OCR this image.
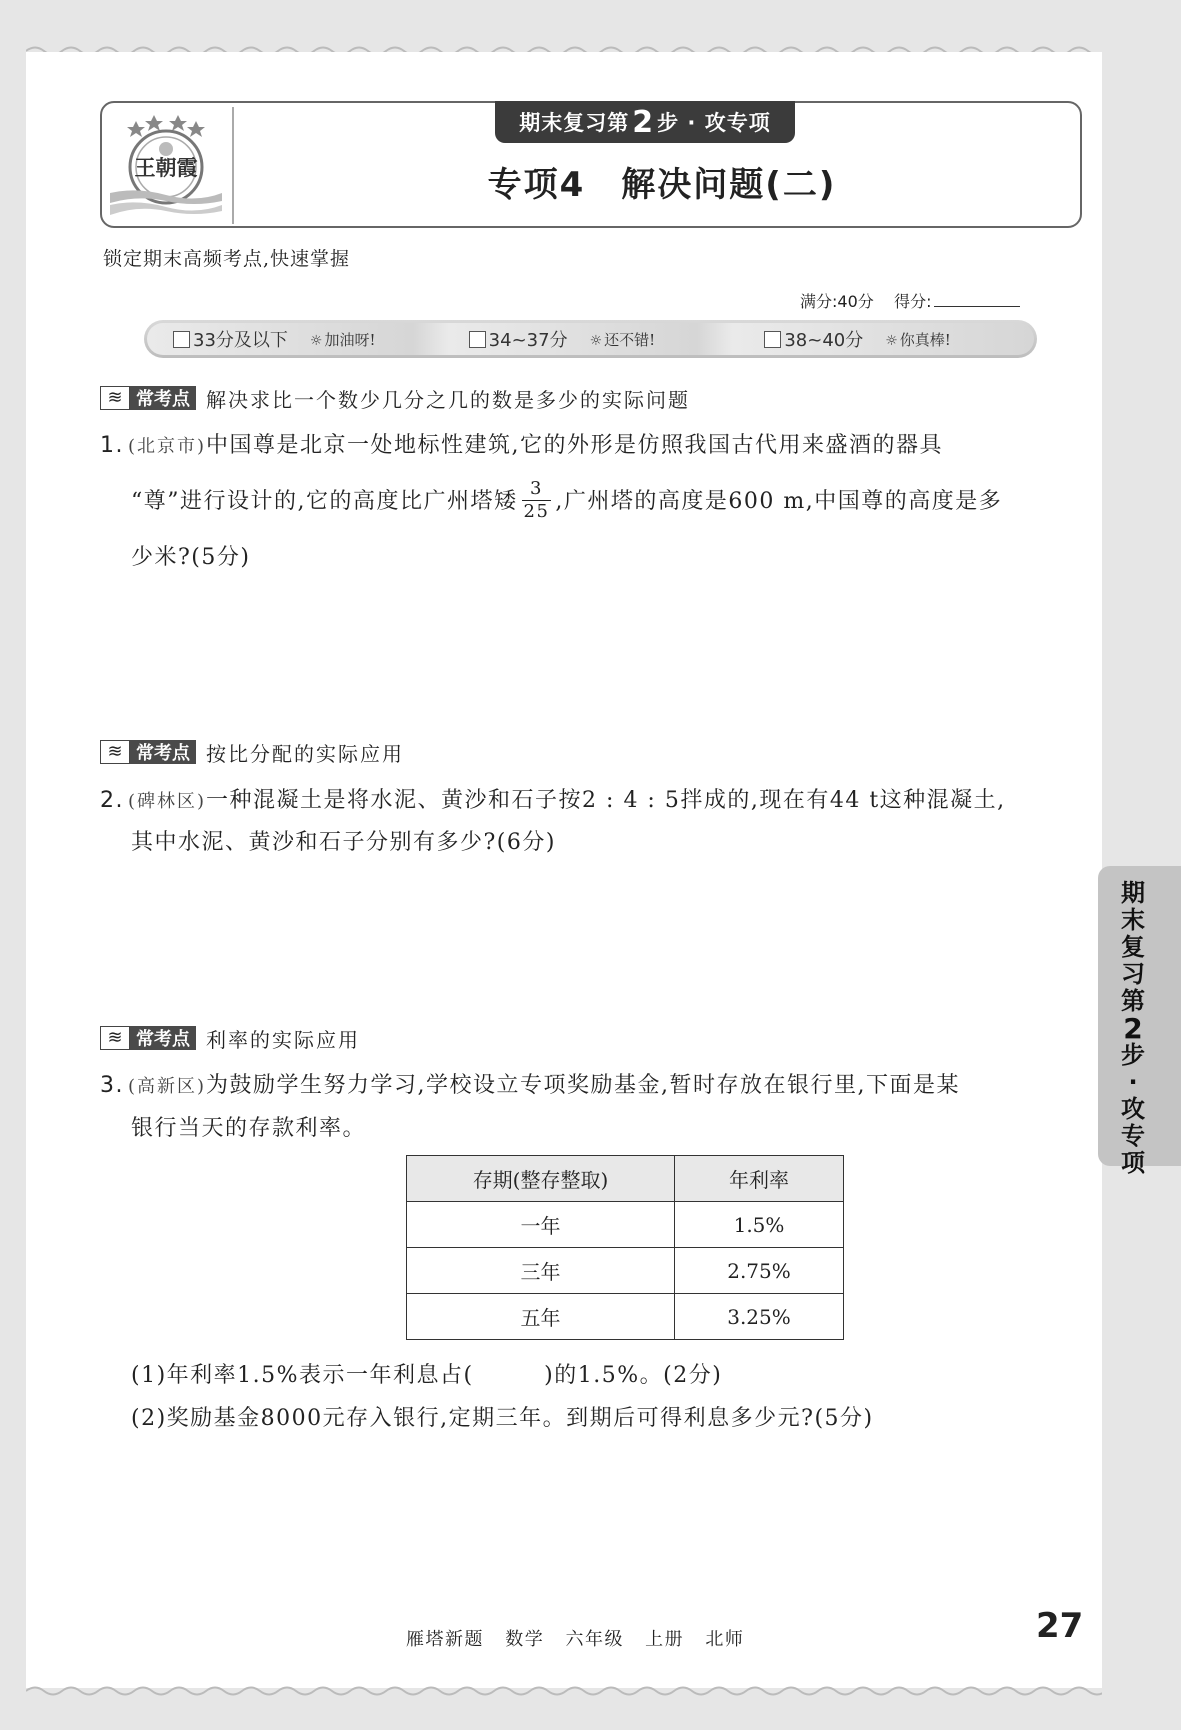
王朝霞
期末复习第 2 步 · 攻专项
专项4　解决问题(二)
锁定期末高频考点,快速掌握
满分:40分 得分:
33分及以下 ☼ 加油呀!	34~37分 ☼ 还不错!	38~40分 ☼ 你真棒!
≋ 常考点 解决求比一个数少几分之几的数是多少的实际问题
1. (北京市)中国尊是北京一处地标性建筑,它的外形是仿照我国古代用来盛酒的器具
“尊”进行设计的,它的高度比广州塔矮 $\frac{3}{25}$ ,广州塔的高度是600 m,中国尊的高度是多
少米?(5分)
≋ 常考点 按比分配的实际应用
2. (碑林区)一种混凝土是将水泥、黄沙和石子按2 : 4 : 5拌成的,现在有44 t这种混凝土,
其中水泥、黄沙和石子分别有多少?(6分)
≋ 常考点 利率的实际应用
3. (高新区)为鼓励学生努力学习,学校设立专项奖励基金,暂时存放在银行里,下面是某
银行当天的存款利率。
存期(整存整取)	年利率
一年	1.5%
三年	2.75%
五年	3.25%
(1)年利率1.5%表示一年利息占(　　　)的1.5%。(2分)
(2)奖励基金8000元存入银行,定期三年。到期后可得利息多少元?(5分)
期
末
复
习
第
2
步
·
攻
专
项
雁塔新题 数学 六年级 上册 北师	27
